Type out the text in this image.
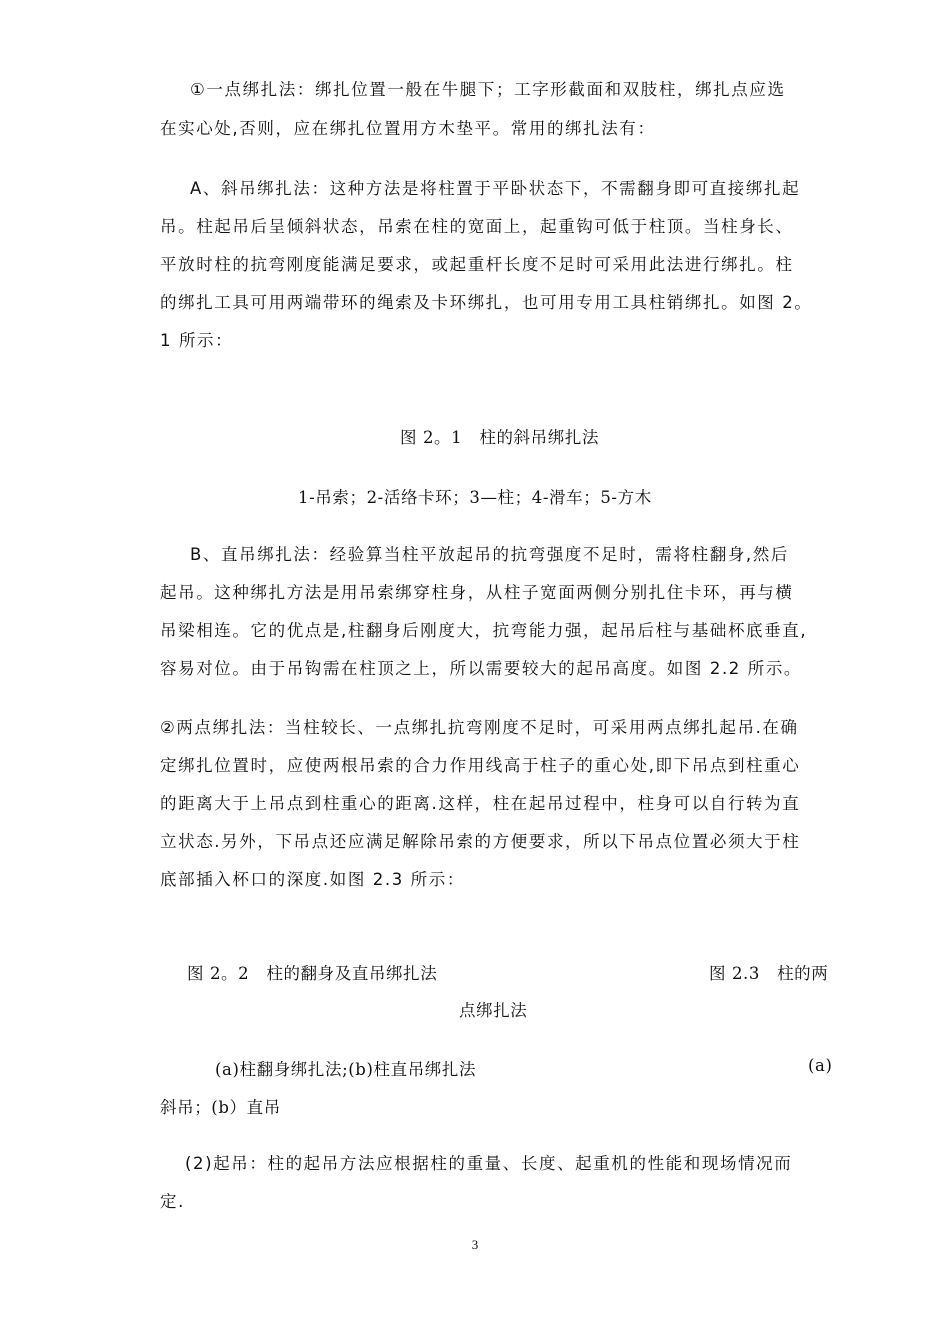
①一点绑扎法：绑扎位置一般在牛腿下；工字形截面和双肢柱，绑扎点应选
在实心处,否则，应在绑扎位置用方木垫平。常用的绑扎法有：
A、斜吊绑扎法：这种方法是将柱置于平卧状态下，不需翻身即可直接绑扎起
吊。柱起吊后呈倾斜状态，吊索在柱的宽面上，起重钩可低于柱顶。当柱身长、
平放时柱的抗弯刚度能满足要求，或起重杆长度不足时可采用此法进行绑扎。柱
的绑扎工具可用两端带环的绳索及卡环绑扎，也可用专用工具柱销绑扎。如图 2。
1 所示：
图 2。1　柱的斜吊绑扎法
1-吊索；2-活络卡环；3—柱；4-滑车；5-方木
B、直吊绑扎法：经验算当柱平放起吊的抗弯强度不足时，需将柱翻身,然后
起吊。这种绑扎方法是用吊索绑穿柱身，从柱子宽面两侧分别扎住卡环，再与横
吊梁相连。它的优点是,柱翻身后刚度大，抗弯能力强，起吊后柱与基础杯底垂直,
容易对位。由于吊钩需在柱顶之上，所以需要较大的起吊高度。如图 2.2 所示。
②两点绑扎法：当柱较长、一点绑扎抗弯刚度不足时，可采用两点绑扎起吊.在确
定绑扎位置时，应使两根吊索的合力作用线高于柱子的重心处,即下吊点到柱重心
的距离大于上吊点到柱重心的距离.这样，柱在起吊过程中，柱身可以自行转为直
立状态.另外，下吊点还应满足解除吊索的方便要求，所以下吊点位置必须大于柱
底部插入杯口的深度.如图 2.3 所示：
图 2。2　柱的翻身及直吊绑扎法	图 2.3　柱的两
点绑扎法
(a)柱翻身绑扎法;(b)柱直吊绑扎法	(a)
斜吊；(b）直吊
(2)起吊：柱的起吊方法应根据柱的重量、长度、起重机的性能和现场情况而
定.
3
